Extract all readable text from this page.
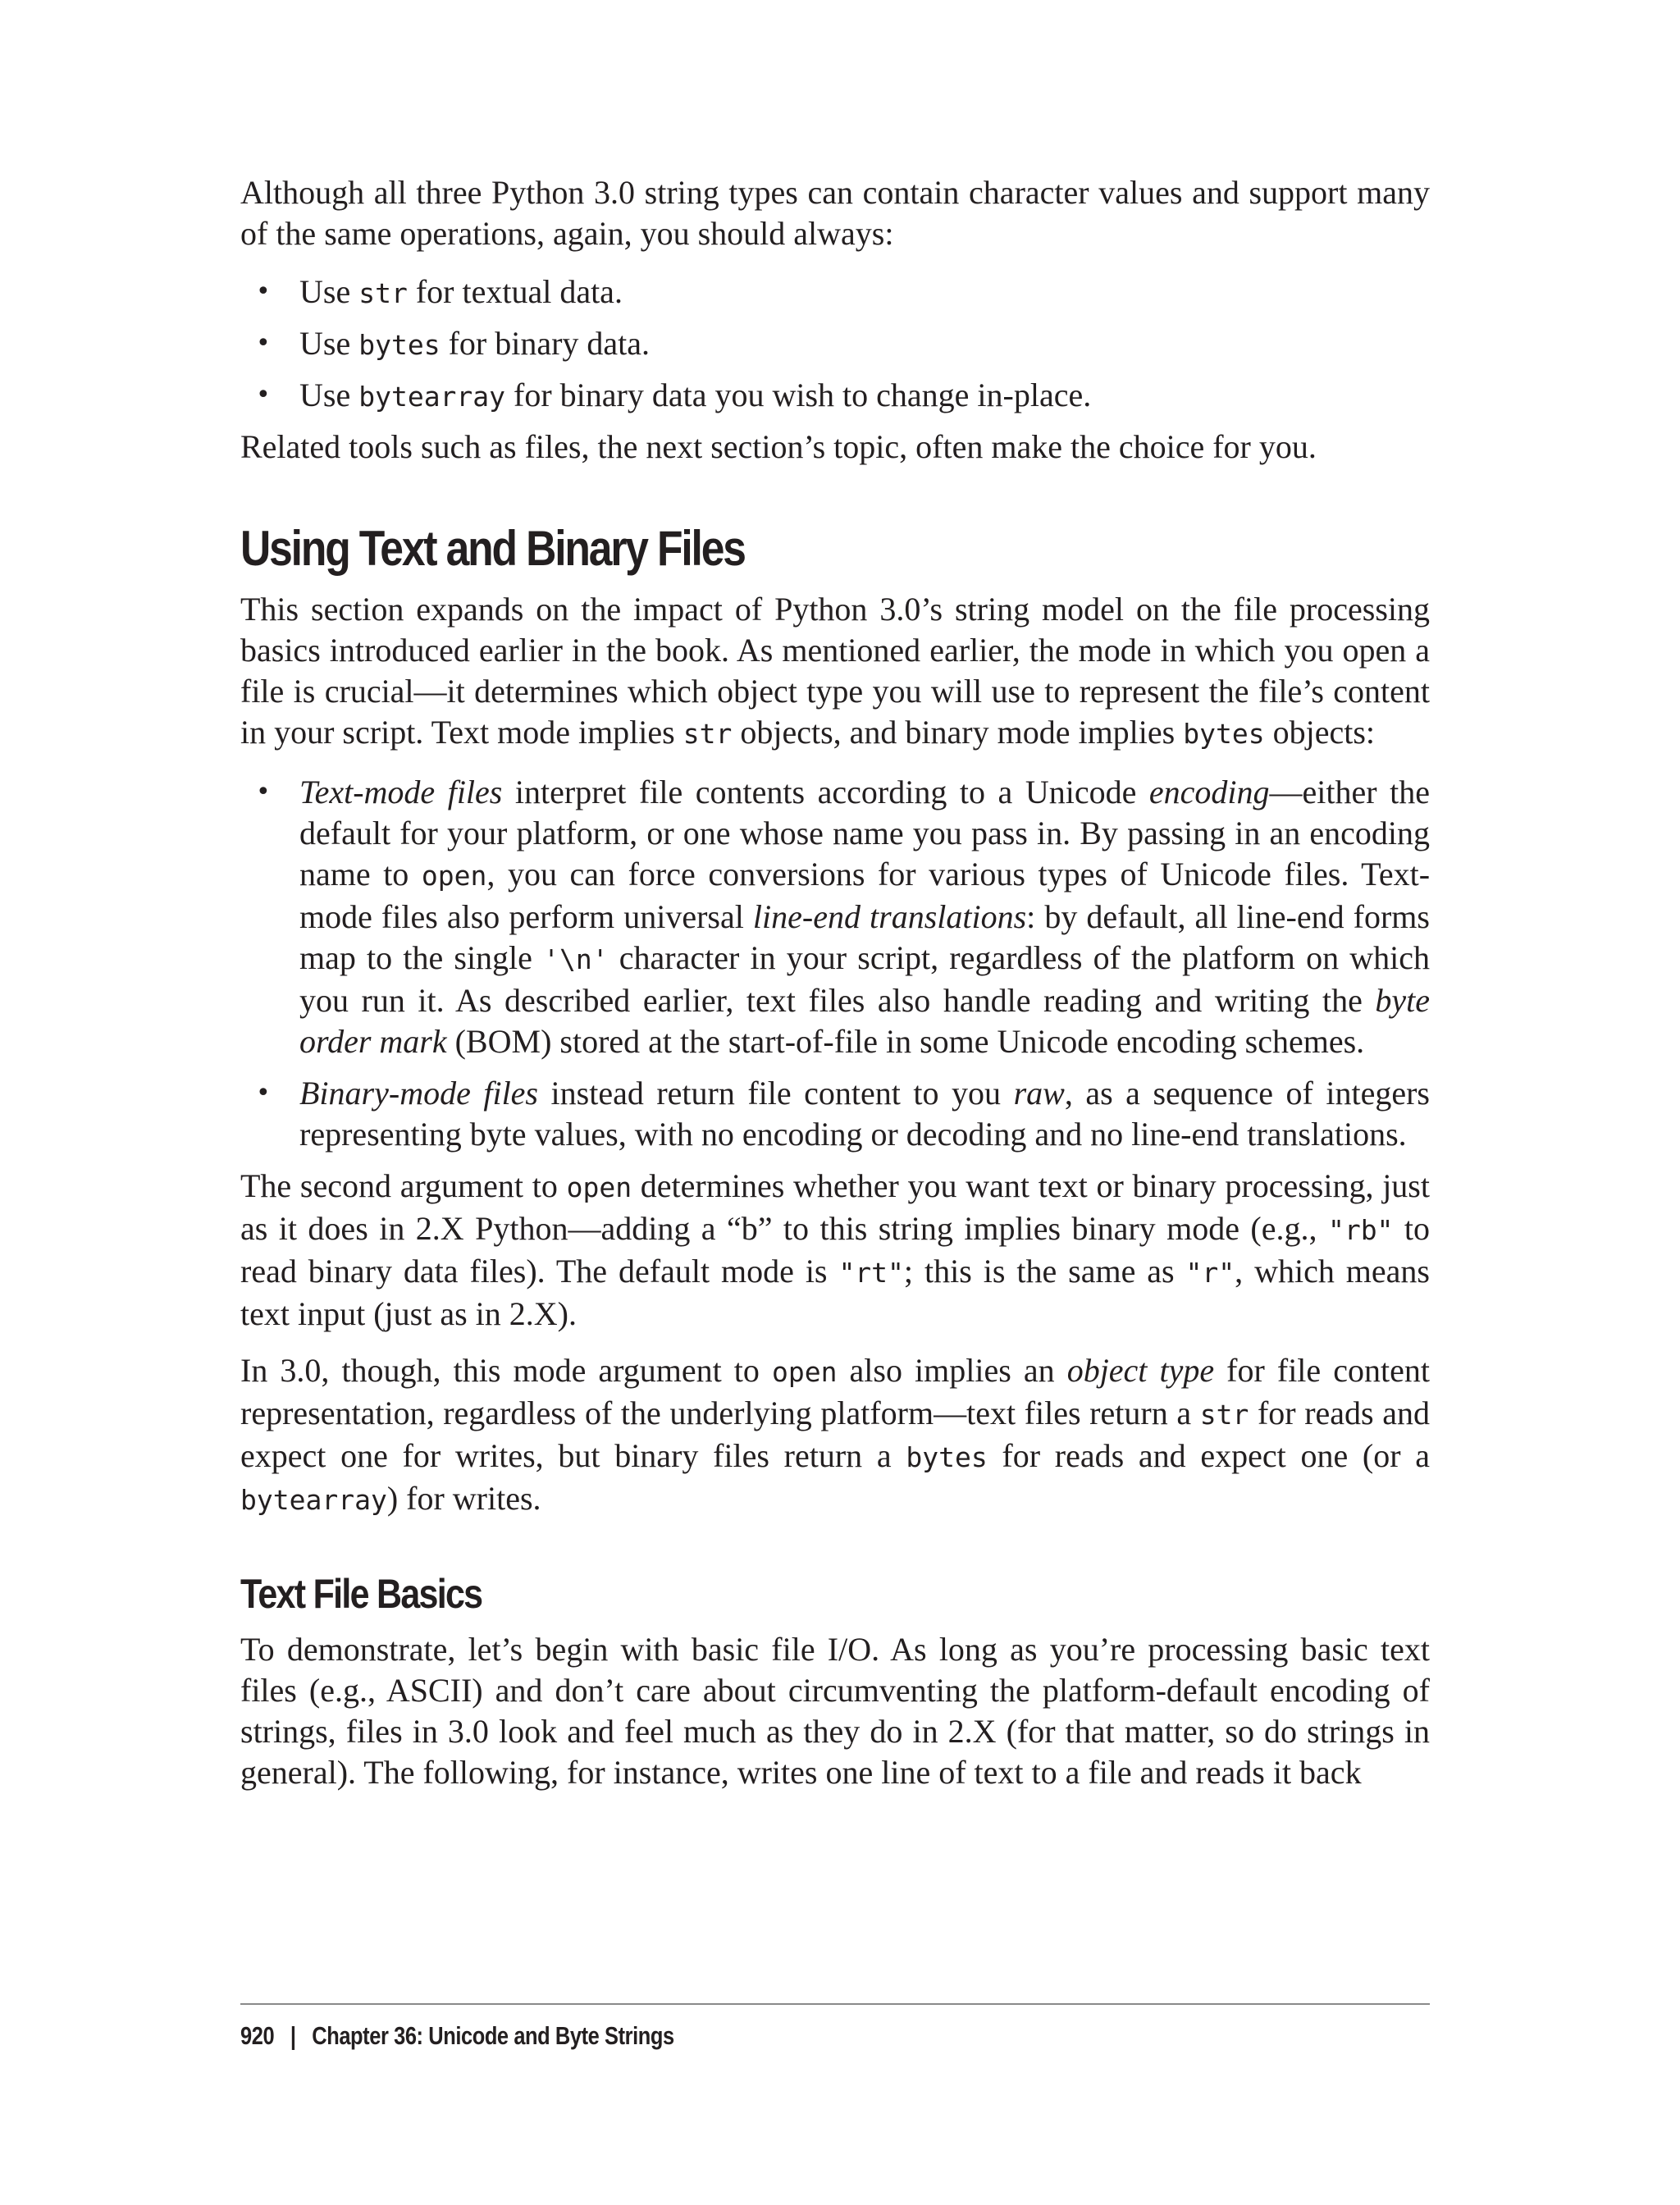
Although all three Python 3.0 string types can contain character values and support many of the same operations, again, you should always:

• Use str for textual data.
• Use bytes for binary data.
• Use bytearray for binary data you wish to change in-place.

Related tools such as files, the next section’s topic, often make the choice for you.

Using Text and Binary Files

This section expands on the impact of Python 3.0’s string model on the file processing basics introduced earlier in the book. As mentioned earlier, the mode in which you open a file is crucial—it determines which object type you will use to represent the file’s content in your script. Text mode implies str objects, and binary mode implies bytes objects:

• Text-mode files interpret file contents according to a Unicode encoding—either the default for your platform, or one whose name you pass in. By passing in an encoding name to open, you can force conversions for various types of Unicode files. Text-mode files also perform universal line-end translations: by default, all line-end forms map to the single '\n' character in your script, regardless of the platform on which you run it. As described earlier, text files also handle reading and writing the byte order mark (BOM) stored at the start-of-file in some Unicode encoding schemes.
• Binary-mode files instead return file content to you raw, as a sequence of integers representing byte values, with no encoding or decoding and no line-end translations.

The second argument to open determines whether you want text or binary processing, just as it does in 2.X Python—adding a “b” to this string implies binary mode (e.g., "rb" to read binary data files). The default mode is "rt"; this is the same as "r", which means text input (just as in 2.X).

In 3.0, though, this mode argument to open also implies an object type for file content representation, regardless of the underlying platform—text files return a str for reads and expect one for writes, but binary files return a bytes for reads and expect one (or a bytearray) for writes.

Text File Basics

To demonstrate, let’s begin with basic file I/O. As long as you’re processing basic text files (e.g., ASCII) and don’t care about circumventing the platform-default encoding of strings, files in 3.0 look and feel much as they do in 2.X (for that matter, so do strings in general). The following, for instance, writes one line of text to a file and reads it back

920 | Chapter 36: Unicode and Byte Strings
